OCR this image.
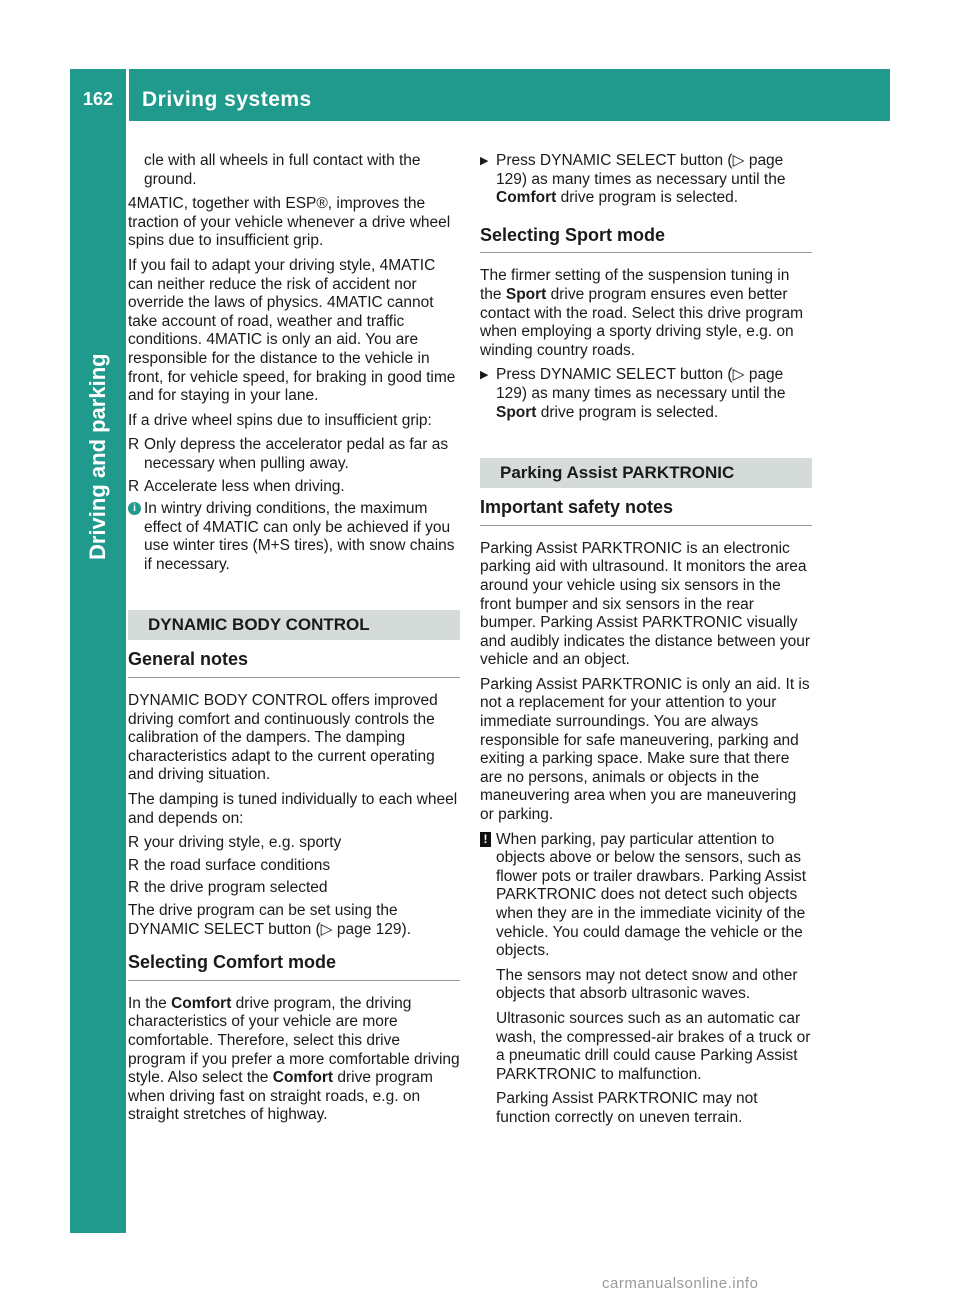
162	Driving systems

cle with all wheels in full contact with the ground.

4MATIC, together with ESP®, improves the traction of your vehicle whenever a drive wheel spins due to insufficient grip.

If you fail to adapt your driving style, 4MATIC can neither reduce the risk of accident nor override the laws of physics. 4MATIC cannot take account of road, weather and traffic conditions. 4MATIC is only an aid. You are responsible for the distance to the vehicle in front, for vehicle speed, for braking in good time and for staying in your lane.

If a drive wheel spins due to insufficient grip:

R Only depress the accelerator pedal as far as necessary when pulling away.
R Accelerate less when driving.
i In wintry driving conditions, the maximum effect of 4MATIC can only be achieved if you use winter tires (M+S tires), with snow chains if necessary.

DYNAMIC BODY CONTROL
General notes

DYNAMIC BODY CONTROL offers improved driving comfort and continuously controls the calibration of the dampers. The damping characteristics adapt to the current operating and driving situation.

The damping is tuned individually to each wheel and depends on:

R your driving style, e.g. sporty
R the road surface conditions
R the drive program selected

The drive program can be set using the DYNAMIC SELECT button (▷ page 129).

Selecting Comfort mode

In the Comfort drive program, the driving characteristics of your vehicle are more comfortable. Therefore, select this drive program if you prefer a more comfortable driving style. Also select the Comfort drive program when driving fast on straight roads, e.g. on straight stretches of highway.

▶ Press DYNAMIC SELECT button (▷ page 129) as many times as necessary until the Comfort drive program is selected.
Selecting Sport mode

The firmer setting of the suspension tuning in the Sport drive program ensures even better contact with the road. Select this drive program when employing a sporty driving style, e.g. on winding country roads.

▶ Press DYNAMIC SELECT button (▷ page 129) as many times as necessary until the Sport drive program is selected.
Parking Assist PARKTRONIC
Important safety notes

Parking Assist PARKTRONIC is an electronic parking aid with ultrasound. It monitors the area around your vehicle using six sensors in the front bumper and six sensors in the rear bumper. Parking Assist PARKTRONIC visually and audibly indicates the distance between your vehicle and an object.

Parking Assist PARKTRONIC is only an aid. It is not a replacement for your attention to your immediate surroundings. You are always responsible for safe maneuvering, parking and exiting a parking space. Make sure that there are no persons, animals or objects in the maneuvering area when you are maneuvering or parking.

! When parking, pay particular attention to objects above or below the sensors, such as flower pots or trailer drawbars. Parking Assist PARKTRONIC does not detect such objects when they are in the immediate vicinity of the vehicle. You could damage the vehicle or the objects.

The sensors may not detect snow and other objects that absorb ultrasonic waves.

Ultrasonic sources such as an automatic car wash, the compressed-air brakes of a truck or a pneumatic drill could cause Parking Assist PARKTRONIC to malfunction.

Parking Assist PARKTRONIC may not function correctly on uneven terrain.

carmanualsonline.info
